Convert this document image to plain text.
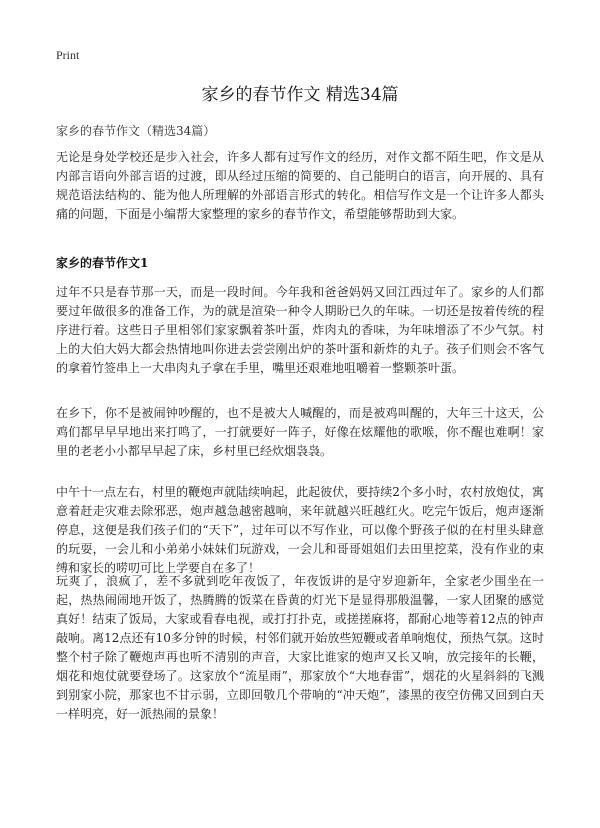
Print
家乡的春节作文 精选34篇
家乡的春节作文（精选34篇）

无论是身处学校还是步入社会，许多人都有过写作文的经历，对作文都不陌生吧，作文是从内部言语向外部言语的过渡，即从经过压缩的简要的、自己能明白的语言，向开展的、具有规范语法结构的、能为他人所理解的外部语言形式的转化。相信写作文是一个让许多人都头痛的问题，下面是小编帮大家整理的家乡的春节作文，希望能够帮助到大家。

家乡的春节作文1

过年不只是春节那一天，而是一段时间。今年我和爸爸妈妈又回江西过年了。家乡的人们都要过年做很多的准备工作，为的就是渲染一种令人期盼已久的年味。一切还是按着传统的程序进行着。这些日子里相邻们家家飘着茶叶蛋，炸肉丸的香味，为年味增添了不少气氛。村上的大伯大妈大都会热情地叫你进去尝尝刚出炉的茶叶蛋和新炸的丸子。孩子们则会不客气的拿着竹签串上一大串肉丸子拿在手里，嘴里还艰难地咀嚼着一整颗茶叶蛋。

在乡下，你不是被闹钟吵醒的，也不是被大人喊醒的，而是被鸡叫醒的，大年三十这天，公鸡们都早早早地出来打鸣了，一打就要好一阵子，好像在炫耀他的歌喉，你不醒也难啊！家里的老老小小都早早起了床，乡村里已经炊烟袅袅。

中午十一点左右，村里的鞭炮声就陆续响起，此起彼伏，要持续2个多小时，农村放炮仗，寓意着赶走灾难去除邪恶，炮声越急越密越响，来年就越兴旺越红火。吃完午饭后，炮声逐渐停息，这便是我们孩子们的“天下”，过年可以不写作业，可以像个野孩子似的在村里头肆意的玩耍，一会儿和小弟弟小妹妹们玩游戏，一会儿和哥哥姐姐们去田里挖菜，没有作业的束缚和家长的唠叨可比上学要自在多了！

玩爽了，浪疯了，差不多就到吃年夜饭了，年夜饭讲的是守岁迎新年，全家老少围坐在一起，热热闹闹地开饭了，热腾腾的饭菜在昏黄的灯光下是显得那般温馨，一家人团聚的感觉真好！结束了饭局，大家或看春电视，或打打扑克，或搓搓麻将，都耐心地等着12点的钟声敲响。离12点还有10多分钟的时候，村邻们就开始放些短鞭或者单响炮仗，预热气氛。这时整个村子除了鞭炮声再也听不清别的声音，大家比谁家的炮声又长又响，放完接年的长鞭，烟花和炮仗就要登场了。这家放个“流星雨”，那家放个“大地春雷”，烟花的火星斜斜的飞溅到别家小院，那家也不甘示弱，立即回敬几个带响的“冲天炮”，漆黑的夜空仿佛又回到白天一样明亮，好一派热闹的景象！
